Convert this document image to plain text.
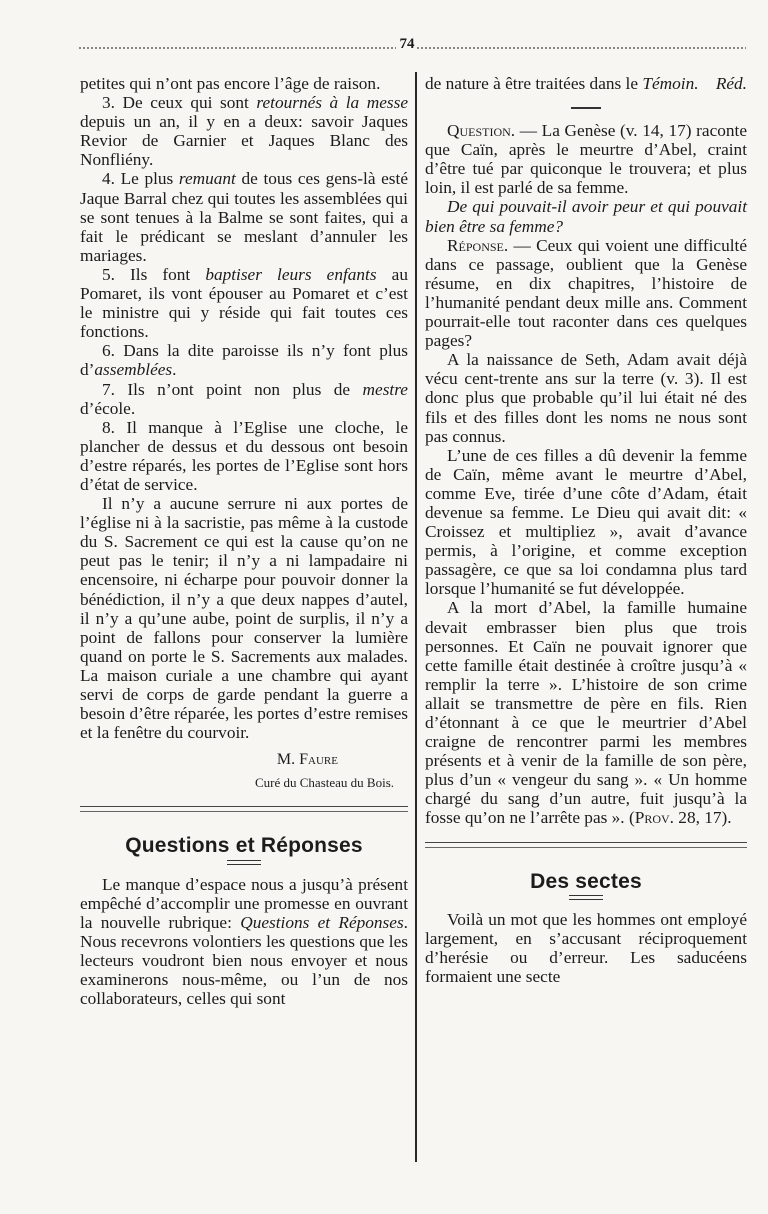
74

petites qui n’ont pas encore l’âge de raison.

3. De ceux qui sont retournés à la messe depuis un an, il y en a deux: savoir Jaques Revior de Garnier et Jaques Blanc des Nonfliény.

4. Le plus remuant de tous ces gens-là esté Jaque Barral chez qui toutes les assemblées qui se sont tenues à la Balme se sont faites, qui a fait le prédicant se meslant d’annuler les mariages.

5. Ils font baptiser leurs enfants au Pomaret, ils vont épouser au Pomaret et c’est le ministre qui y réside qui fait toutes ces fonctions.

6. Dans la dite paroisse ils n’y font plus d’assemblées.

7. Ils n’ont point non plus de mestre d’école.

8. Il manque à l’Eglise une cloche, le plancher de dessus et du dessous ont besoin d’estre réparés, les portes de l’Eglise sont hors d’état de service.

Il n’y a aucune serrure ni aux portes de l’église ni à la sacristie, pas même à la custode du S. Sacrement ce qui est la cause qu’on ne peut pas le tenir; il n’y a ni lampadaire ni encensoire, ni écharpe pour pouvoir donner la bénédiction, il n’y a que deux nappes d’autel, il n’y a qu’une aube, point de surplis, il n’y a point de fallons pour conserver la lumière quand on porte le S. Sacrements aux malades. La maison curiale a une chambre qui ayant servi de corps de garde pendant la guerre a besoin d’être réparée, les portes d’estre remises et la fenêtre du courvoir.

M. Faure
Curé du Chasteau du Bois.
Questions et Réponses

Le manque d’espace nous a jusqu’à présent empêché d’accomplir une promesse en ouvrant la nouvelle rubrique: Questions et Réponses. Nous recevrons volontiers les questions que les lecteurs voudront bien nous envoyer et nous examinerons nous-même, ou l’un de nos collaborateurs, celles qui sont

de nature à être traitées dans le Témoin. Réd.

Question. — La Genèse (v. 14, 17) raconte que Caïn, après le meurtre d’Abel, craint d’être tué par quiconque le trouvera; et plus loin, il est parlé de sa femme.

De qui pouvait-il avoir peur et qui pouvait bien être sa femme?

Réponse. — Ceux qui voient une difficulté dans ce passage, oublient que la Genèse résume, en dix chapitres, l’histoire de l’humanité pendant deux mille ans. Comment pourrait-elle tout raconter dans ces quelques pages?

A la naissance de Seth, Adam avait déjà vécu cent-trente ans sur la terre (v. 3). Il est donc plus que probable qu’il lui était né des fils et des filles dont les noms ne nous sont pas connus.

L’une de ces filles a dû devenir la femme de Caïn, même avant le meurtre d’Abel, comme Eve, tirée d’une côte d’Adam, était devenue sa femme. Le Dieu qui avait dit: « Croissez et multipliez », avait d’avance permis, à l’origine, et comme exception passagère, ce que sa loi condamna plus tard lorsque l’humanité se fut développée.

A la mort d’Abel, la famille humaine devait embrasser bien plus que trois personnes. Et Caïn ne pouvait ignorer que cette famille était destinée à croître jusqu’à « remplir la terre ». L’histoire de son crime allait se transmettre de père en fils. Rien d’étonnant à ce que le meurtrier d’Abel craigne de rencontrer parmi les membres présents et à venir de la famille de son père, plus d’un « vengeur du sang ». « Un homme chargé du sang d’un autre, fuit jusqu’à la fosse qu’on ne l’arrête pas ». (Prov. 28, 17).

Des sectes

Voilà un mot que les hommes ont employé largement, en s’accusant réciproquement d’herésie ou d’erreur. Les saducéens formaient une secte
